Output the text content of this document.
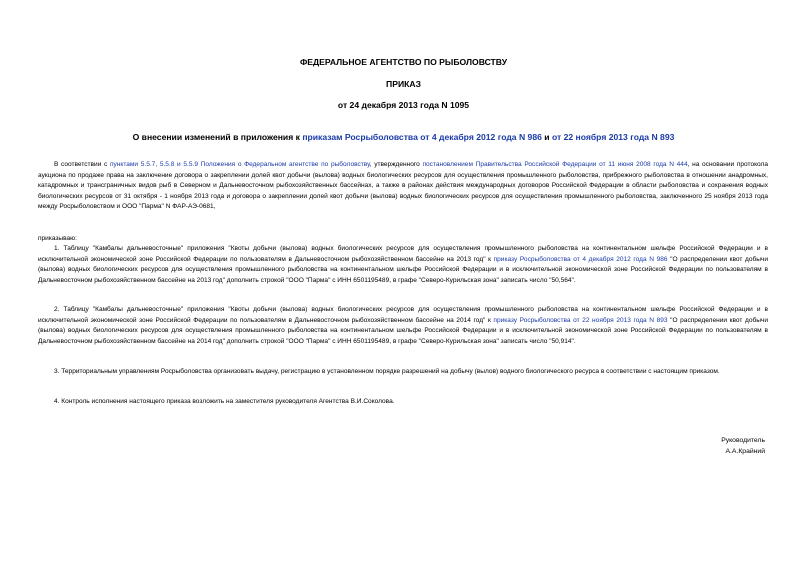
ФЕДЕРАЛЬНОЕ АГЕНТСТВО ПО РЫБОЛОВСТВУ
ПРИКАЗ
от 24 декабря 2013 года N 1095
О внесении изменений в приложения к приказам Росрыболовства от 4 декабря 2012 года N 986 и от 22 ноября 2013 года N 893
В соответствии с пунктами 5.5.7, 5.5.8 и 5.5.9 Положения о Федеральном агентстве по рыболовству, утвержденного постановлением Правительства Российской Федерации от 11 июня 2008 года N 444, на основании протокола аукциона по продаже права на заключение договора о закреплении долей квот добычи (вылова) водных биологических ресурсов для осуществления промышленного рыболовства, прибрежного рыболовства в отношении анадромных, катадромных и трансграничных видов рыб в Северном и Дальневосточном рыбохозяйственных бассейнах, а также в районах действия международных договоров Российской Федерации в области рыболовства и сохранения водных биологических ресурсов от 31 октября - 1 ноября 2013 года и договора о закреплении долей квот добычи (вылова) водных биологических ресурсов для осуществления промышленного рыболовства, заключенного 25 ноября 2013 года между Росрыболовством и ООО "Парма" N ФАР-АЭ-0681,
приказываю:
1. Таблицу "Камбалы дальневосточные" приложения "Квоты добычи (вылова) водных биологических ресурсов для осуществления промышленного рыболовства на континентальном шельфе Российской Федерации и в исключительной экономической зоне Российской Федерации по пользователям в Дальневосточном рыбохозяйственном бассейне на 2013 год" к приказу Росрыболовства от 4 декабря 2012 года N 986 "О распределении квот добычи (вылова) водных биологических ресурсов для осуществления промышленного рыболовства на континентальном шельфе Российской Федерации и в исключительной экономической зоне Российской Федерации по пользователям в Дальневосточном рыбохозяйственном бассейне на 2013 год" дополнить строкой "ООО "Парма" с ИНН 6501195489, в графе "Северо-Курильская зона" записать число "50,564".
2. Таблицу "Камбалы дальневосточные" приложения "Квоты добычи (вылова) водных биологических ресурсов для осуществления промышленного рыболовства на континентальном шельфе Российской Федерации и в исключительной экономической зоне Российской Федерации по пользователям в Дальневосточном рыбохозяйственном бассейне на 2014 год" к приказу Росрыболовства от 22 ноября 2013 года N 893 "О распределении квот добычи (вылова) водных биологических ресурсов для осуществления промышленного рыболовства на континентальном шельфе Российской Федерации и в исключительной экономической зоне Российской Федерации по пользователям в Дальневосточном рыбохозяйственном бассейне на 2014 год" дополнить строкой "ООО "Парма" с ИНН 6501195489, в графе "Северо-Курильская зона" записать число "50,914".
3. Территориальным управлениям Росрыболовства организовать выдачу, регистрацию в установленном порядке разрешений на добычу (вылов) водного биологического ресурса в соответствии с настоящим приказом.
4. Контроль исполнения настоящего приказа возложить на заместителя руководителя Агентства В.И.Соколова.
Руководитель
А.А.Крайний
